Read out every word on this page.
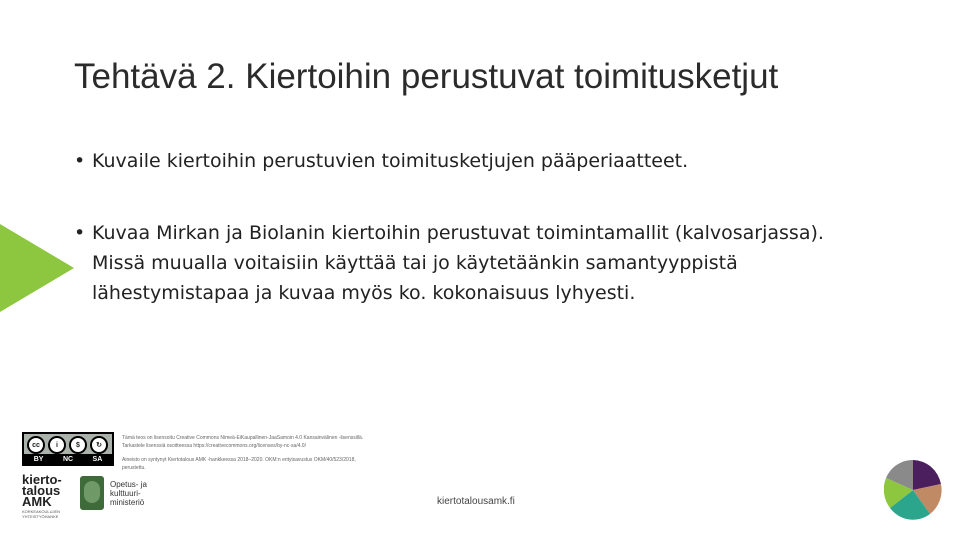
Tehtävä 2. Kiertoihin perustuvat toimitusketjut
• Kuvaile kiertoihin perustuvien toimitusketjujen pääperiaatteet.
• Kuvaa Mirkan ja Biolanin kiertoihin perustuvat toimintamallit (kalvosarjassa). Missä muualla voitaisiin käyttää tai jo käytetäänkin samantyyppistä lähestymistapaa ja kuvaa myös ko. kokonaisuus lyhyesti.
cc	i	$	↻
BY	NC	SA

Tämä teos on lisensoitu Creative Commons Nimeä-EiKaupallinen-JaaSamoin 4.0 Kansainvälinen -lisenssillä. Tarkastele lisenssiä osoitteessa https://creativecommons.org/licenses/by-nc-sa/4.0/

Aineisto on syntynyt Kiertotalous AMK -hankkeessa 2018–2020. OKM:n erityisavustus OKM/40/523/2018, perustettu.

kierto-
talous
AMK
KORKEAKOULUJEN YHTEISTYÖHANKE
Opetus- ja
kulttuuri-
ministeriö	kiertotalousamk.fi
